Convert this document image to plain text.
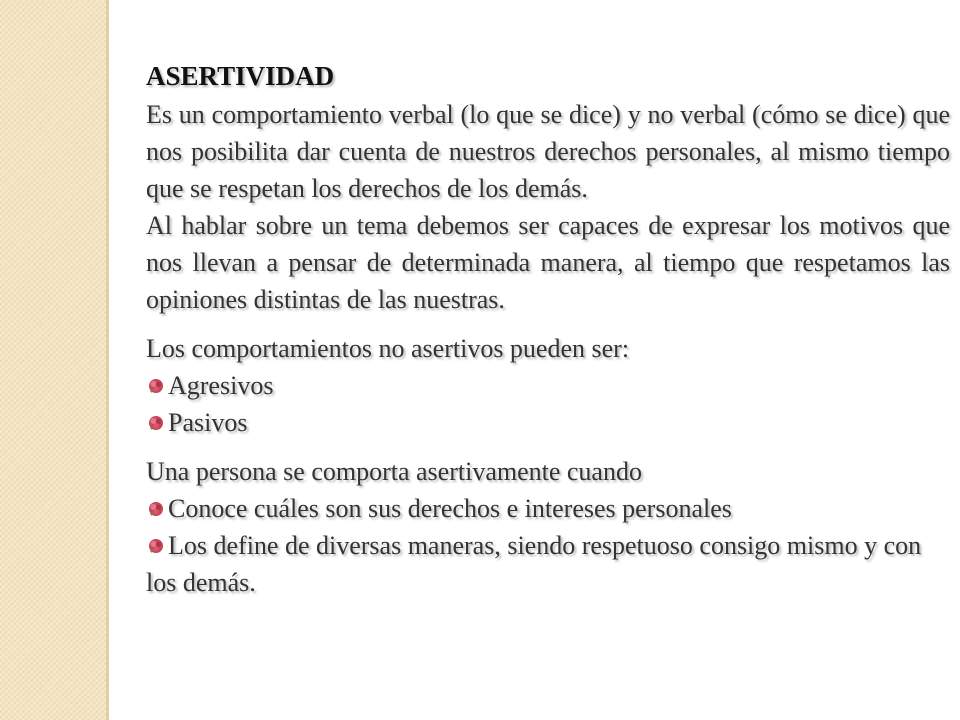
ASERTIVIDAD

Es un comportamiento verbal (lo que se dice) y no verbal (cómo se dice) que nos posibilita dar cuenta de nuestros derechos personales, al mismo tiempo que se respetan los derechos de los demás.

Al hablar sobre un tema debemos ser capaces de expresar los motivos que nos llevan a pensar de determinada manera, al tiempo que respetamos las opiniones distintas de las nuestras.

Los comportamientos no asertivos pueden ser:

Agresivos
Pasivos

Una persona se comporta asertivamente cuando

Conoce cuáles son sus derechos e intereses personales

Los define de diversas maneras, siendo respetuoso consigo mismo y con los demás.
